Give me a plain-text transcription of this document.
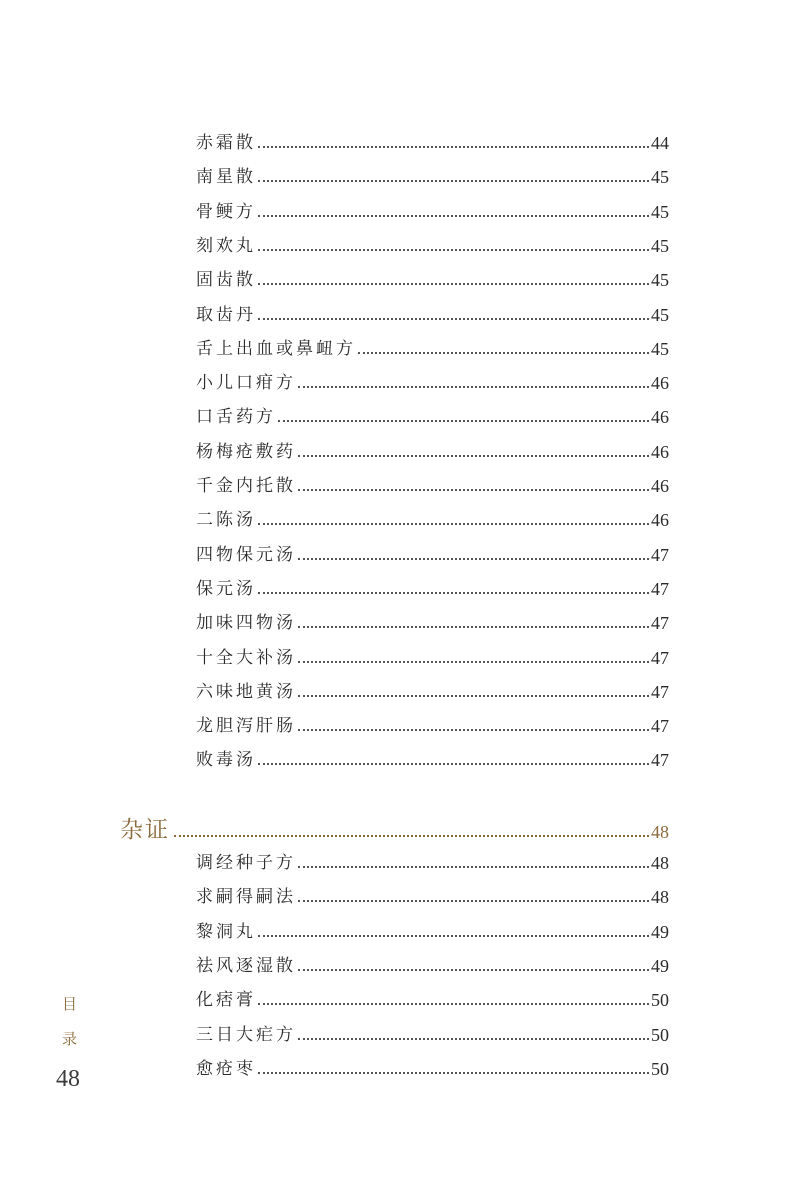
赤霜散	44
南星散	45
骨鲠方	45
刻欢丸	45
固齿散	45
取齿丹	45
舌上出血或鼻衄方	45
小儿口疳方	46
口舌药方	46
杨梅疮敷药	46
千金内托散	46
二陈汤	46
四物保元汤	47
保元汤	47
加味四物汤	47
十全大补汤	47
六味地黄汤	47
龙胆泻肝肠	47
败毒汤	47
杂证	48
调经种子方	48
求嗣得嗣法	48
黎洞丸	49
祛风逐湿散	49
化痞膏	50
三日大疟方	50
愈疮枣	50
目
录
48
